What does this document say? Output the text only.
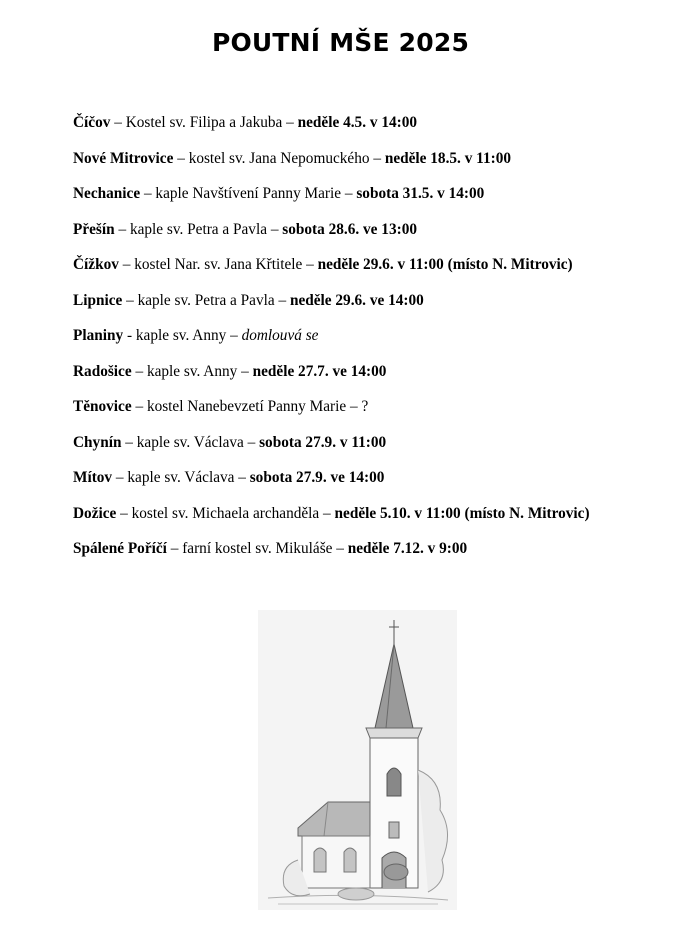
POUTNÍ MŠE 2025
Číčov – Kostel sv. Filipa a Jakuba – neděle 4.5. v 14:00
Nové Mitrovice – kostel sv. Jana Nepomuckého – neděle 18.5. v 11:00
Nechanice – kaple Navštívení Panny Marie – sobota 31.5. v 14:00
Přešín – kaple sv. Petra a Pavla – sobota 28.6. ve 13:00
Čížkov – kostel Nar. sv. Jana Křtitele – neděle 29.6. v 11:00 (místo N. Mitrovic)
Lipnice – kaple sv. Petra a Pavla – neděle 29.6. ve 14:00
Planiny - kaple sv. Anny – domlouvá se
Radošice – kaple sv. Anny – neděle 27.7. ve 14:00
Těnovice – kostel Nanebevzetí Panny Marie – ?
Chynín – kaple sv. Václava – sobota 27.9. v 11:00
Mítov – kaple sv. Václava – sobota 27.9. ve 14:00
Dožice – kostel sv. Michaela archanděla – neděle 5.10. v 11:00 (místo N. Mitrovic)
Spálené Poříčí – farní kostel sv. Mikuláše – neděle 7.12. v 9:00
